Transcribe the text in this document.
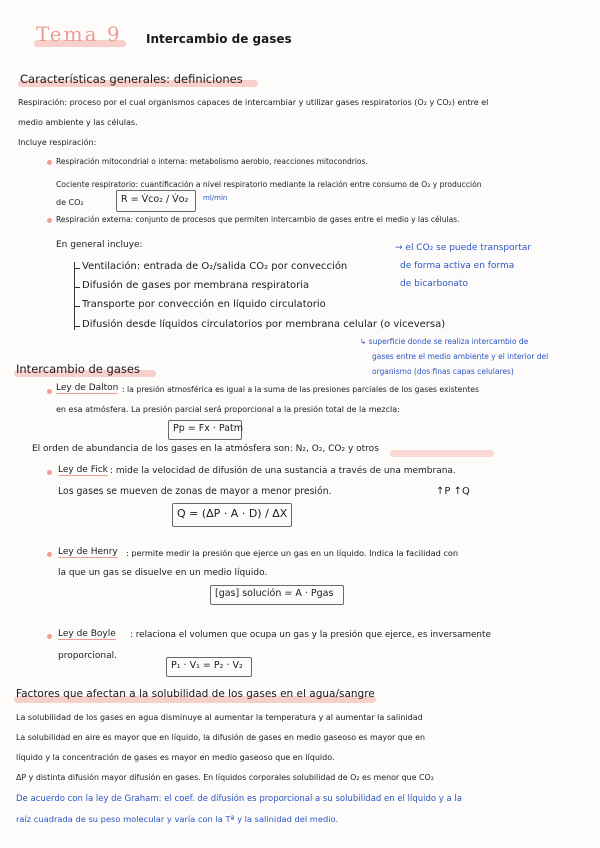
Tema 9 Intercambio de gases
Características generales: definiciones
Respiración: proceso por el cual organismos capaces de intercambiar y utilizar gases respiratorios (O₂ y CO₂) entre el
medio ambiente y las células.
Incluye respiración:
Respiración mitocondrial o interna: metabolismo aerobio, reacciones mitocondrios.
Cociente respiratorio: cuantificación a nivel respiratorio mediante la relación entre consumo de O₂ y producción
de CO₂	R = V̇co₂ / V̇o₂ ml/min
Respiración externa: conjunto de procesos que permiten intercambio de gases entre el medio y las células.
En general incluye:
Ventilación: entrada de O₂/salida CO₂ por convección
Difusión de gases por membrana respiratoria
Transporte por convección en líquido circulatorio
Difusión desde líquidos circulatorios por membrana celular (o viceversa)
→ el CO₂ se puede transportar
de forma activa en forma
de bicarbonato
↳ superficie donde se realiza intercambio de
gases entre el medio ambiente y el interior del
organismo (dos finas capas celulares)
Intercambio de gases
Ley de Dalton : la presión atmosférica es igual a la suma de las presiones parciales de los gases existentes
en esa atmósfera. La presión parcial será proporcional a la presión total de la mezcla:
Pp = Fx · Patm
El orden de abundancia de los gases en la atmósfera son: N₂, O₂, CO₂ y otros
Ley de Fick : mide la velocidad de difusión de una sustancia a través de una membrana.
Los gases se mueven de zonas de mayor a menor presión.	↑P ↑Q
Q = (ΔP · A · D) / ΔX
Ley de Henry : permite medir la presión que ejerce un gas en un líquido. Indica la facilidad con
la que un gas se disuelve en un medio líquido.
[gas] solución = A · Pgas
Ley de Boyle : relaciona el volumen que ocupa un gas y la presión que ejerce, es inversamente
proporcional.
P₁ · V₁ = P₂ · V₂
Factores que afectan a la solubilidad de los gases en el agua/sangre
La solubilidad de los gases en agua disminuye al aumentar la temperatura y al aumentar la salinidad
La solubilidad en aire es mayor que en líquido, la difusión de gases en medio gaseoso es mayor que en
líquido y la concentración de gases es mayor en medio gaseoso que en líquido.
ΔP y distinta difusión mayor difusión en gases. En líquidos corporales solubilidad de O₂ es menor que CO₂
De acuerdo con la ley de Graham: el coef. de difusión es proporcional a su solubilidad en el líquido y a la
raíz cuadrada de su peso molecular y varía con la Tª y la salinidad del medio.
